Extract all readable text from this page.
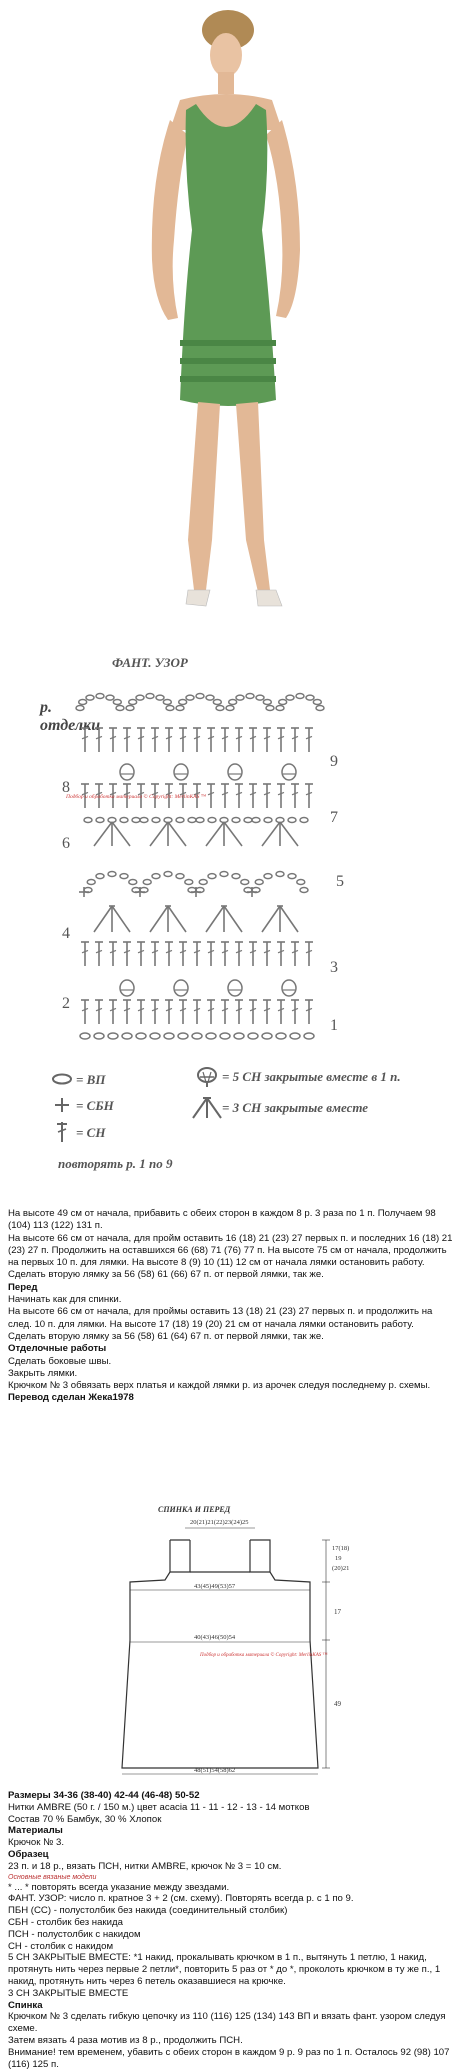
ФАНТ. УЗОР
р.
отделки
8
6
4
2
9
7
5
3
1
Подбор и обработка материала © Copyright: MerlinKAS ™
= ВП
= СБН
= СН
= 5 СН закрытые вместе в 1 п.
= 3 СН закрытые вместе
повторять р. 1 по 9

На высоте 49 см от начала, прибавить с обеих сторон в каждом 8 р. 3 раза по 1 п. Получаем 98 (104) 113 (122) 131 п.

На высоте 66 см от начала, для пройм оставить 16 (18) 21 (23) 27 первых п. и последних 16 (18) 21 (23) 27 п. Продолжить на оставшихся 66 (68) 71 (76) 77 п. На высоте 75 см от начала, продолжить на первых 10 п. для лямки. На высоте 8 (9) 10 (11) 12 см от начала лямки остановить работу.

Сделать вторую лямку за 56 (58) 61 (66) 67 п. от первой лямки, так же.

Перед

Начинать как для спинки.

На высоте 66 см от начала, для проймы оставить 13 (18) 21 (23) 27 первых п. и продолжить на след. 10 п. для лямки. На высоте 17 (18) 19 (20) 21 см от начала лямки остановить работу.

Сделать вторую лямку за 56 (58) 61 (64) 67 п. от первой лямки, так же.

Отделочные работы

Сделать боковые швы.

Закрыть лямки.

Крючком № 3 обвязать верх платья и каждой лямки р. из арочек следуя последнему р. схемы.

Перевод сделан Жека1978

СПИНКА И ПЕРЕД
20(21)21(22)23(24)25
43(45)49(53)57
40(43)46(50)54
48(51)54(58)62
17(18)
19
(20)21
17
49
Подбор и обработка материала © Copyright: MerlinKAS ™

Размеры 34-36 (38-40) 42-44 (46-48) 50-52

Нитки AMBRE (50 г. / 150 м.) цвет acacia 11 - 11 - 12 - 13 - 14 мотков

Состав 70 % Бамбук, 30 % Хлопок

Материалы

Крючок № 3.

Образец

23 п. и 18 р., вязать ПСН, нитки AMBRE, крючок № 3 = 10 см.

Основные вязаные модели

* ... * повторять всегда указание между звездами.

ФАНТ. УЗОР: число п. кратное 3 + 2 (см. схему). Повторять всегда р. с 1 по 9.

ПБН (СС) - полустолбик без накида (соединительный столбик)

СБН - столбик без накида

ПСН - полустолбик с накидом

СН - столбик с накидом

5 СН ЗАКРЫТЫЕ ВМЕСТЕ: *1 накид, прокалывать крючком в 1 п., вытянуть 1 петлю, 1 накид, протянуть нить через первые 2 петли*, повторить 5 раз от * до *, проколоть крючком в ту же п., 1 накид, протянуть нить через 6 петель оказавшиеся на крючке.

3 СН ЗАКРЫТЫЕ ВМЕСТЕ

Спинка

Крючком № 3 сделать гибкую цепочку из 110 (116) 125 (134) 143 ВП и вязать фант. узором следуя схеме.

Затем вязать 4 раза мотив из 8 р., продолжить ПСН.

Внимание! тем временем, убавить с обеих сторон в каждом 9 р. 9 раз по 1 п. Осталось 92 (98) 107 (116) 125 п.
